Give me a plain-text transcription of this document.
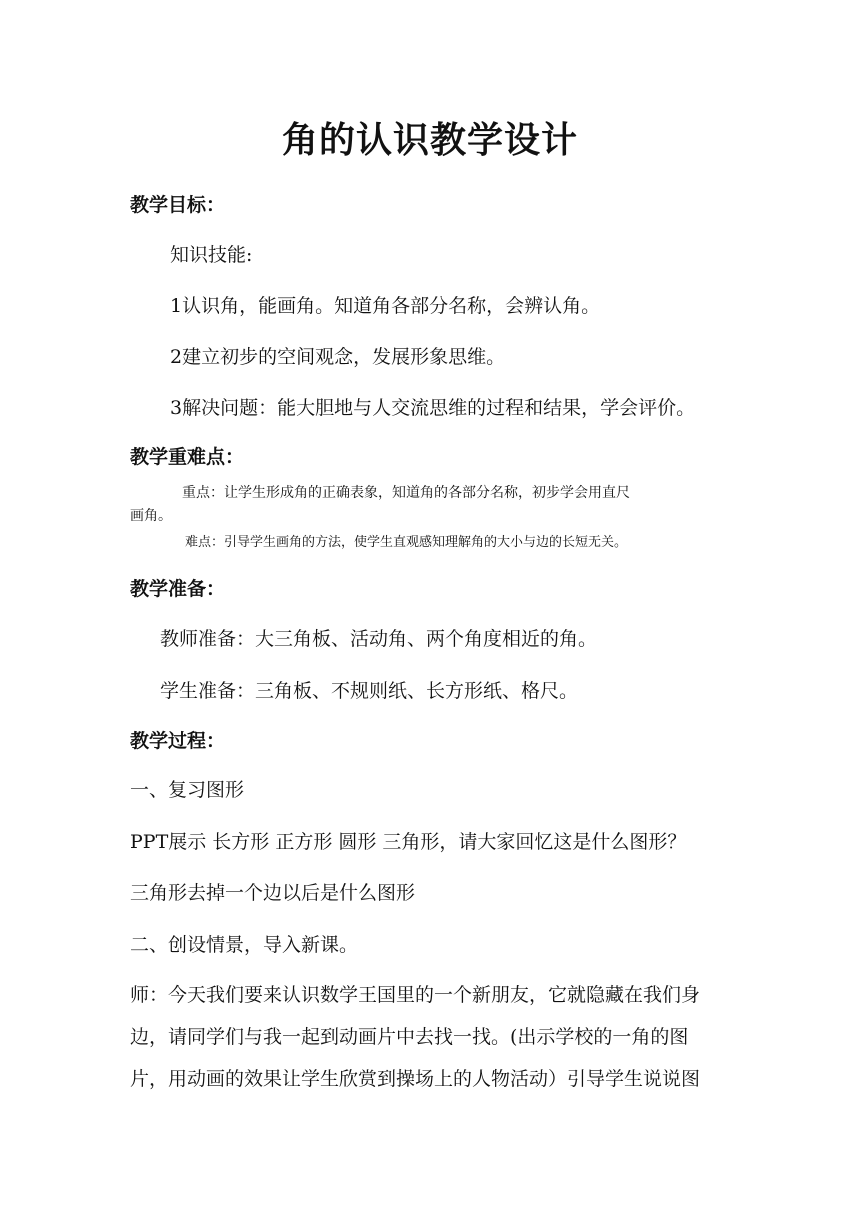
角的认识教学设计
教学目标：
知识技能:
1认识角，能画角。知道角各部分名称，会辨认角。
2建立初步的空间观念，发展形象思维。
3解决问题：能大胆地与人交流思维的过程和结果，学会评价。
教学重难点：
重点：让学生形成角的正确表象，知道角的各部分名称，初步学会用直尺
画角。
难点：引导学生画角的方法，使学生直观感知理解角的大小与边的长短无关。
教学准备：
教师准备：大三角板、活动角、两个角度相近的角。
学生准备：三角板、不规则纸、长方形纸、格尺。
教学过程：
一、复习图形
PPT展示 长方形 正方形 圆形 三角形，请大家回忆这是什么图形？
三角形去掉一个边以后是什么图形
二、创设情景，导入新课。
师：今天我们要来认识数学王国里的一个新朋友，它就隐藏在我们身
边，请同学们与我一起到动画片中去找一找。(出示学校的一角的图
片，用动画的效果让学生欣赏到操场上的人物活动）引导学生说说图
